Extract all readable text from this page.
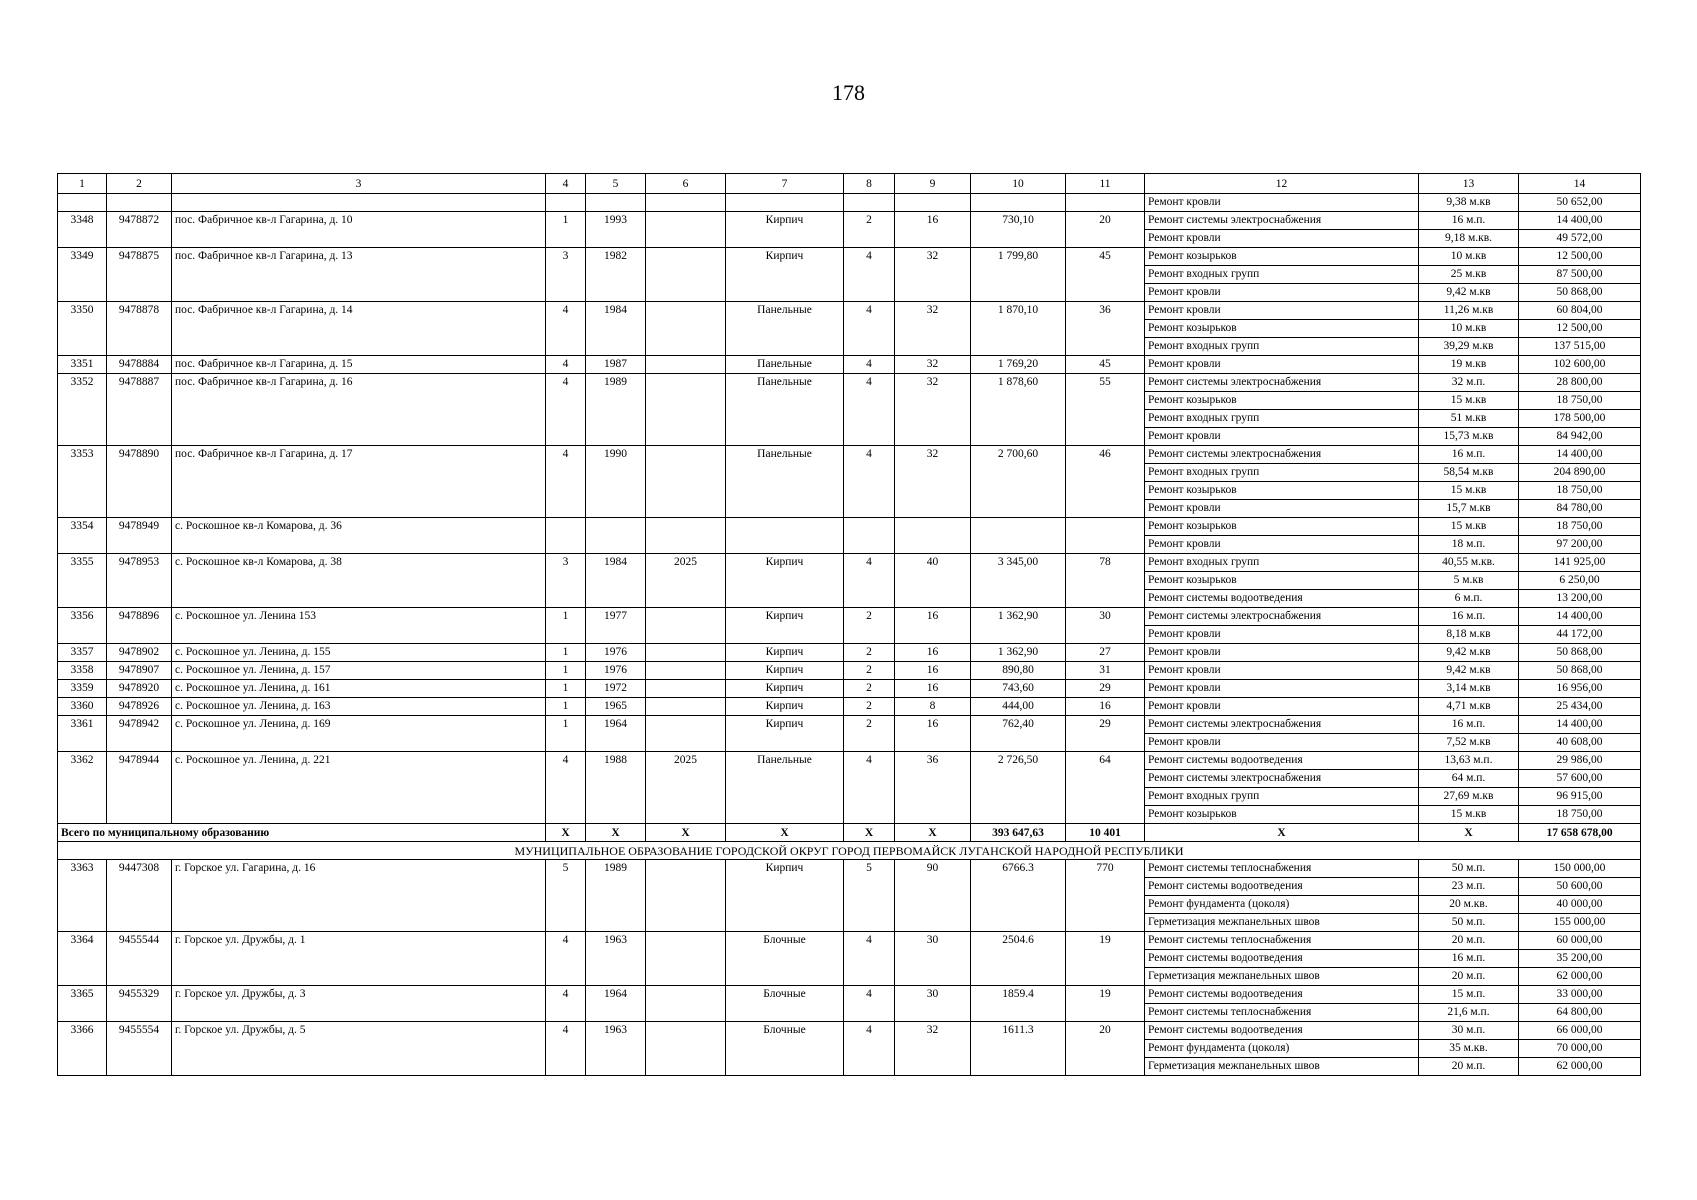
178
1	2	3	4	5	6	7	8	9	10	11	12	13	14
											Ремонт кровли	9,38 м.кв	50 652,00
3348	9478872	пос. Фабричное кв-л Гагарина, д. 10	1	1993		Кирпич	2	16	730,10	20	Ремонт системы электроснабжения	16 м.п.	14 400,00
											Ремонт кровли	9,18 м.кв.	49 572,00
3349	9478875	пос. Фабричное кв-л Гагарина, д. 13	3	1982		Кирпич	4	32	1 799,80	45	Ремонт козырьков	10 м.кв	12 500,00
											Ремонт входных групп	25 м.кв	87 500,00
											Ремонт кровли	9,42 м.кв	50 868,00
3350	9478878	пос. Фабричное кв-л Гагарина, д. 14	4	1984		Панельные	4	32	1 870,10	36	Ремонт кровли	11,26 м.кв	60 804,00
											Ремонт козырьков	10 м.кв	12 500,00
											Ремонт входных групп	39,29 м.кв	137 515,00
3351	9478884	пос. Фабричное кв-л Гагарина, д. 15	4	1987		Панельные	4	32	1 769,20	45	Ремонт кровли	19 м.кв	102 600,00
3352	9478887	пос. Фабричное кв-л Гагарина, д. 16	4	1989		Панельные	4	32	1 878,60	55	Ремонт системы электроснабжения	32 м.п.	28 800,00
											Ремонт козырьков	15 м.кв	18 750,00
											Ремонт входных групп	51 м.кв	178 500,00
											Ремонт кровли	15,73 м.кв	84 942,00
3353	9478890	пос. Фабричное кв-л Гагарина, д. 17	4	1990		Панельные	4	32	2 700,60	46	Ремонт системы электроснабжения	16 м.п.	14 400,00
											Ремонт входных групп	58,54 м.кв	204 890,00
											Ремонт козырьков	15 м.кв	18 750,00
											Ремонт кровли	15,7 м.кв	84 780,00
3354	9478949	с. Роскошное кв-л Комарова, д. 36									Ремонт козырьков	15 м.кв	18 750,00
											Ремонт кровли	18 м.п.	97 200,00
3355	9478953	с. Роскошное кв-л Комарова, д. 38	3	1984	2025	Кирпич	4	40	3 345,00	78	Ремонт входных групп	40,55 м.кв.	141 925,00
											Ремонт козырьков	5 м.кв	6 250,00
											Ремонт системы водоотведения	6 м.п.	13 200,00
3356	9478896	с. Роскошное ул. Ленина 153	1	1977		Кирпич	2	16	1 362,90	30	Ремонт системы электроснабжения	16 м.п.	14 400,00
											Ремонт кровли	8,18 м.кв	44 172,00
3357	9478902	с. Роскошное ул. Ленина, д. 155	1	1976		Кирпич	2	16	1 362,90	27	Ремонт кровли	9,42 м.кв	50 868,00
3358	9478907	с. Роскошное ул. Ленина, д. 157	1	1976		Кирпич	2	16	890,80	31	Ремонт кровли	9,42 м.кв	50 868,00
3359	9478920	с. Роскошное ул. Ленина, д. 161	1	1972		Кирпич	2	16	743,60	29	Ремонт кровли	3,14 м.кв	16 956,00
3360	9478926	с. Роскошное ул. Ленина, д. 163	1	1965		Кирпич	2	8	444,00	16	Ремонт кровли	4,71 м.кв	25 434,00
3361	9478942	с. Роскошное ул. Ленина, д. 169	1	1964		Кирпич	2	16	762,40	29	Ремонт системы электроснабжения	16 м.п.	14 400,00
											Ремонт кровли	7,52 м.кв	40 608,00
3362	9478944	с. Роскошное ул. Ленина, д. 221	4	1988	2025	Панельные	4	36	2 726,50	64	Ремонт системы водоотведения	13,63 м.п.	29 986,00
											Ремонт системы электроснабжения	64 м.п.	57 600,00
											Ремонт входных групп	27,69 м.кв	96 915,00
											Ремонт козырьков	15 м.кв	18 750,00
Всего по муниципальному образованию			X	X	X	X	X	X	393 647,63	10 401	X	X	17 658 678,00
МУНИЦИПАЛЬНОЕ ОБРАЗОВАНИЕ ГОРОДСКОЙ ОКРУГ ГОРОД ПЕРВОМАЙСК ЛУГАНСКОЙ НАРОДНОЙ РЕСПУБЛИКИ													
3363	9447308	г. Горское ул. Гагарина, д. 16	5	1989		Кирпич	5	90	6766.3	770	Ремонт системы теплоснабжения	50 м.п.	150 000,00
											Ремонт системы водоотведения	23 м.п.	50 600,00
											Ремонт фундамента (цоколя)	20 м.кв.	40 000,00
											Герметизация межпанельных швов	50 м.п.	155 000,00
3364	9455544	г. Горское ул. Дружбы, д. 1	4	1963		Блочные	4	30	2504.6	19	Ремонт системы теплоснабжения	20 м.п.	60 000,00
											Ремонт системы водоотведения	16 м.п.	35 200,00
											Герметизация межпанельных швов	20 м.п.	62 000,00
3365	9455329	г. Горское ул. Дружбы, д. 3	4	1964		Блочные	4	30	1859.4	19	Ремонт системы водоотведения	15 м.п.	33 000,00
											Ремонт системы теплоснабжения	21,6 м.п.	64 800,00
3366	9455554	г. Горское ул. Дружбы, д. 5	4	1963		Блочные	4	32	1611.3	20	Ремонт системы водоотведения	30 м.п.	66 000,00
											Ремонт фундамента (цоколя)	35 м.кв.	70 000,00
											Герметизация межпанельных швов	20 м.п.	62 000,00
